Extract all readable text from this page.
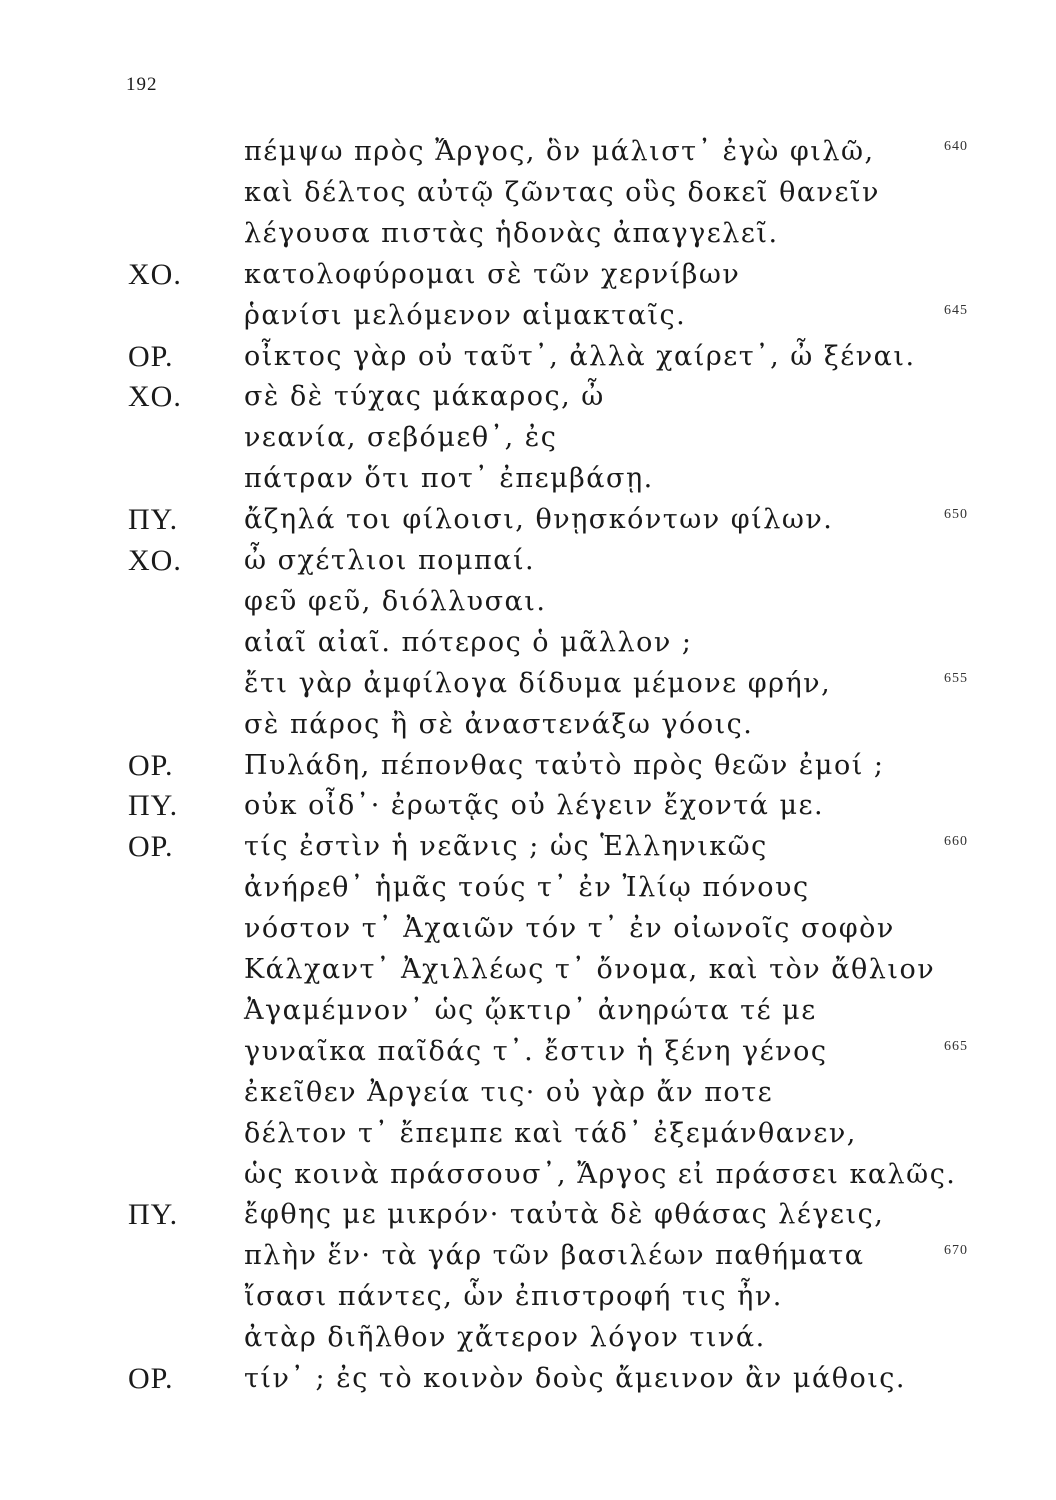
192
πέμψω πρὸς Ἄργος, ὃν μάλιστ᾽ ἐγὼ φιλῶ,	640
καὶ δέλτος αὐτῷ ζῶντας οὓς δοκεῖ θανεῖν
λέγουσα πιστὰς ἡδονὰς ἀπαγγελεῖ.
ΧΟ. κατολοφύρομαι σὲ τῶν χερνίβων
ῥανίσι μελόμενον αἱμακταῖς.	645
ΟΡ.	οἶκτος γὰρ οὐ ταῦτ᾽, ἀλλὰ χαίρετ᾽, ὦ ξέναι.
ΧΟ. σὲ δὲ τύχας μάκαρος, ὦ
νεανία, σεβόμεθ᾽, ἐς
πάτραν ὅτι ποτ᾽ ἐπεμβάσῃ.
ΠΥ. ἄζηλά τοι φίλοισι, θνῃσκόντων φίλων.	650
ΧΟ. ὦ σχέτλιοι πομπαί.
φεῦ φεῦ, διόλλυσαι.
αἰαῖ αἰαῖ. πότερος ὁ μᾶλλον ;
ἔτι γὰρ ἀμφίλογα δίδυμα μέμονε φρήν,	655
σὲ πάρος ἢ σὲ ἀναστενάξω γόοις.
ΟΡ.	Πυλάδη, πέπονθας ταὐτὸ πρὸς θεῶν ἐμοί ;
ΠΥ. οὐκ οἶδ᾽· ἐρωτᾷς οὐ λέγειν ἔχοντά με.
ΟΡ.	τίς ἐστὶν ἡ νεᾶνις ; ὡς Ἑλληνικῶς	660
ἀνήρεθ᾽ ἡμᾶς τούς τ᾽ ἐν Ἰλίῳ πόνους
νόστον τ᾽ Ἀχαιῶν τόν τ᾽ ἐν οἰωνοῖς σοφὸν
Κάλχαντ᾽ Ἀχιλλέως τ᾽ ὄνομα, καὶ τὸν ἄθλιον
Ἀγαμέμνον᾽ ὡς ᾤκτιρ᾽ ἀνηρώτα τέ με
γυναῖκα παῖδάς τ᾽. ἔστιν ἡ ξένη γένος	665
ἐκεῖθεν Ἀργεία τις· οὐ γὰρ ἄν ποτε
δέλτον τ᾽ ἔπεμπε καὶ τάδ᾽ ἐξεμάνθανεν,
ὡς κοινὰ πράσσουσ᾽, Ἄργος εἰ πράσσει καλῶς.
ΠΥ. ἔφθης με μικρόν· ταὐτὰ δὲ φθάσας λέγεις,
πλὴν ἕν· τὰ γάρ τῶν βασιλέων παθήματα	670
ἴσασι πάντες, ὧν ἐπιστροφή τις ἦν.
ἀτὰρ διῆλθον χἄτερον λόγον τινά.
ΟΡ.	τίν᾽ ; ἐς τὸ κοινὸν δοὺς ἄμεινον ἂν μάθοις.
